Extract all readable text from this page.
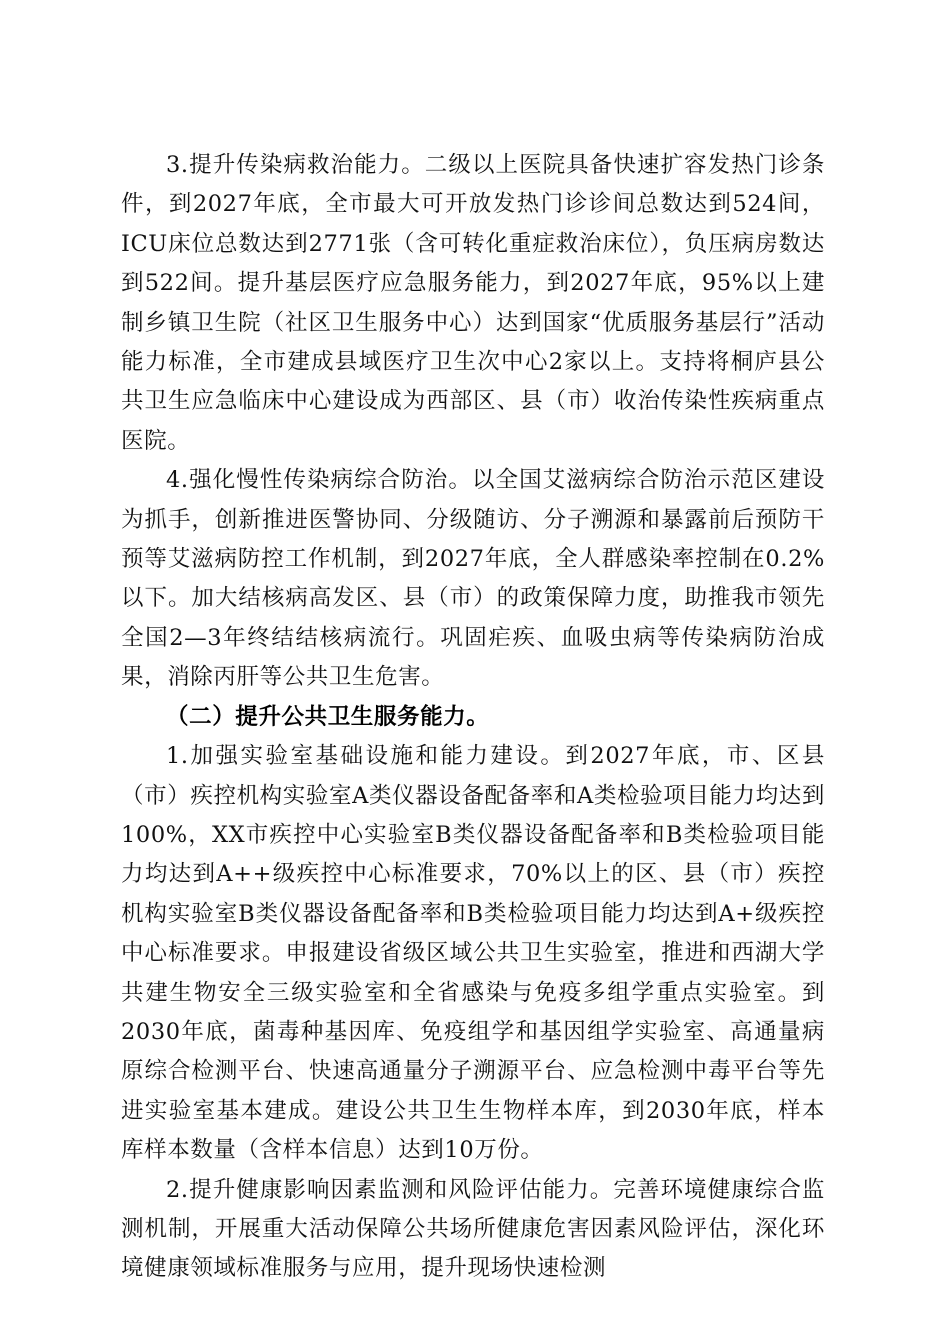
3.提升传染病救治能力。二级以上医院具备快速扩容发热门诊条件，到2027年底，全市最大可开放发热门诊诊间总数达到524间，ICU床位总数达到2771张（含可转化重症救治床位），负压病房数达到522间。提升基层医疗应急服务能力，到2027年底，95%以上建制乡镇卫生院（社区卫生服务中心）达到国家“优质服务基层行”活动能力标准，全市建成县域医疗卫生次中心2家以上。支持将桐庐县公共卫生应急临床中心建设成为西部区、县（市）收治传染性疾病重点医院。

4.强化慢性传染病综合防治。以全国艾滋病综合防治示范区建设为抓手，创新推进医警协同、分级随访、分子溯源和暴露前后预防干预等艾滋病防控工作机制，到2027年底，全人群感染率控制在0.2%以下。加大结核病高发区、县（市）的政策保障力度，助推我市领先全国2—3年终结结核病流行。巩固疟疾、血吸虫病等传染病防治成果，消除丙肝等公共卫生危害。

（二）提升公共卫生服务能力。

1.加强实验室基础设施和能力建设。到2027年底，市、区县（市）疾控机构实验室A类仪器设备配备率和A类检验项目能力均达到100%，XX市疾控中心实验室B类仪器设备配备率和B类检验项目能力均达到A++级疾控中心标准要求，70%以上的区、县（市）疾控机构实验室B类仪器设备配备率和B类检验项目能力均达到A+级疾控中心标准要求。申报建设省级区域公共卫生实验室，推进和西湖大学共建生物安全三级实验室和全省感染与免疫多组学重点实验室。到2030年底，菌毒种基因库、免疫组学和基因组学实验室、高通量病原综合检测平台、快速高通量分子溯源平台、应急检测中毒平台等先进实验室基本建成。建设公共卫生生物样本库，到2030年底，样本库样本数量（含样本信息）达到10万份。

2.提升健康影响因素监测和风险评估能力。完善环境健康综合监测机制，开展重大活动保障公共场所健康危害因素风险评估，深化环境健康领域标准服务与应用，提升现场快速检测
